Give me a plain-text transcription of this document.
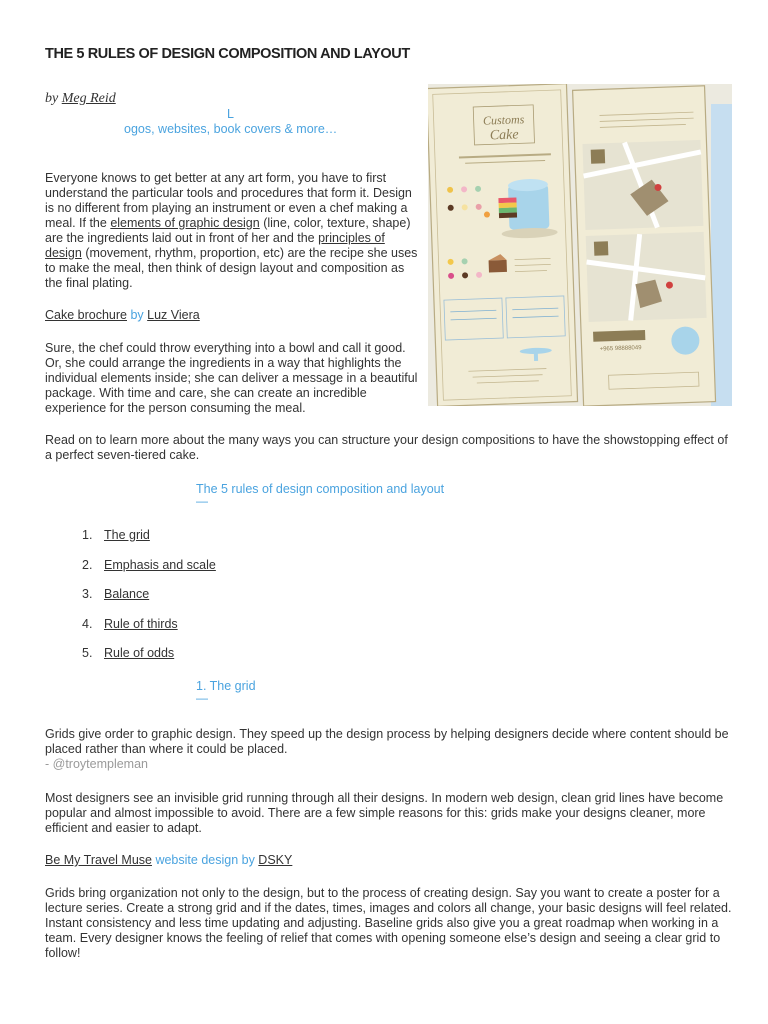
THE 5 RULES OF DESIGN COMPOSITION AND LAYOUT
by Meg Reid
L
ogos, websites, book covers & more…
Everyone knows to get better at any art form, you have to first understand the particular tools and procedures that form it. Design is no different from playing an instrument or even a chef making a meal. If the elements of graphic design (line, color, texture, shape) are the ingredients laid out in front of her and the principles of design (movement, rhythm, proportion, etc) are the recipe she uses to make the meal, then think of design layout and composition as the final plating.
Cake brochure by Luz Viera
Sure, the chef could throw everything into a bowl and call it good. Or, she could arrange the ingredients in a way that highlights the individual elements inside; she can deliver a message in a beautiful package. With time and care, she can create an incredible experience for the person consuming the meal.
Read on to learn more about the many ways you can structure your design compositions to have the showstopping effect of a perfect seven-tiered cake.
The 5 rules of design composition and layout
—
1. The grid
2. Emphasis and scale
3. Balance
4. Rule of thirds
5. Rule of odds
1. The grid
—
Grids give order to graphic design. They speed up the design process by helping designers decide where content should be placed rather than where it could be placed.
- @troytempleman
Most designers see an invisible grid running through all their designs. In modern web design, clean grid lines have become popular and almost impossible to avoid. There are a few simple reasons for this: grids make your designs cleaner, more efficient and easier to adapt.
Be My Travel Muse website design by DSKY
Grids bring organization not only to the design, but to the process of creating design. Say you want to create a poster for a lecture series. Create a strong grid and if the dates, times, images and colors all change, your basic designs will feel related. Instant consistency and less time updating and adjusting. Baseline grids also give you a great roadmap when working in a team. Every designer knows the feeling of relief that comes with opening someone else’s design and seeing a clear grid to follow!
Customs
Cake
+965 98888049
